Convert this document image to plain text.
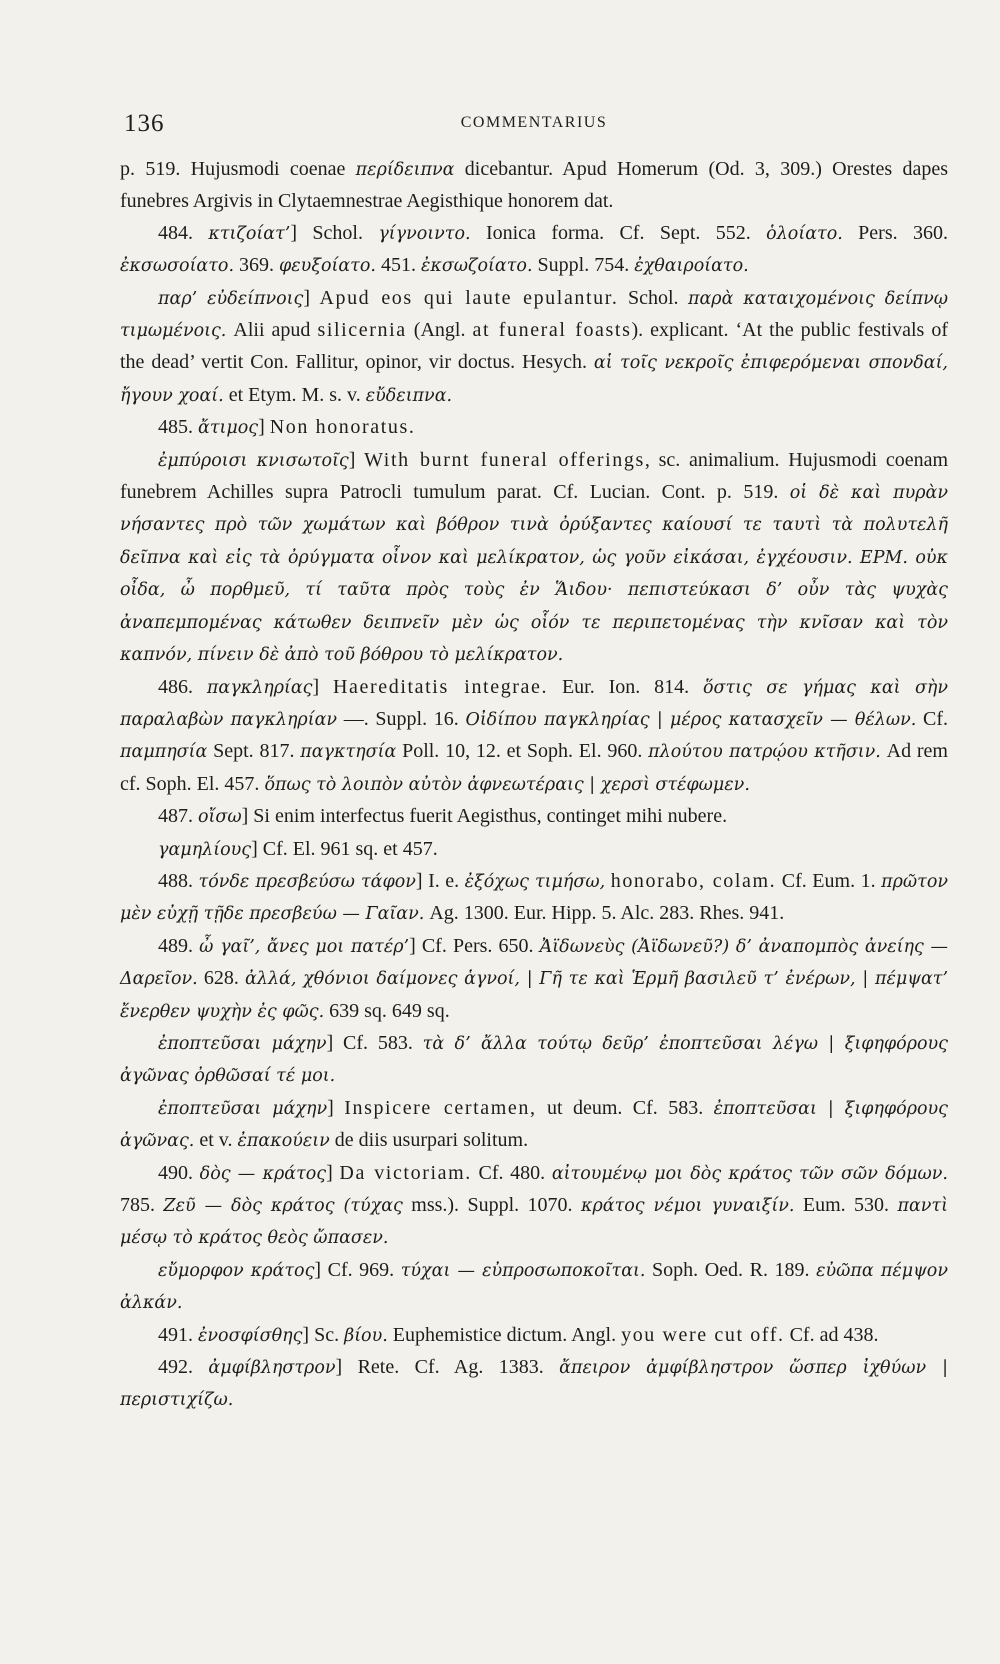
136	COMMENTARIUS

p. 519. Hujusmodi coenae περίδειπνα dicebantur. Apud Homerum (Od. 3, 309.) Orestes dapes funebres Argivis in Clytaemnestrae Aegisthique honorem dat.

484. κτιζοίατ’] Schol. γίγνοιντο. Ionica forma. Cf. Sept. 552. ὁλοίατο. Pers. 360. ἐκσωσοίατο. 369. φευξοίατο. 451. ἐκσωζοίατο. Suppl. 754. ἐχθαιροίατο.

παρ’ εὐδείπνοις] Apud eos qui laute epulantur. Schol. παρὰ καταιχομένοις δείπνῳ τιμωμένοις. Alii apud silicernia (Angl. at funeral foasts). explicant. ‘At the public festivals of the dead’ vertit Con. Fallitur, opinor, vir doctus. Hesych. αἱ τοῖς νεκροῖς ἐπιφερόμεναι σπονδαί, ἤγουν χοαί. et Etym. M. s. v. εὔδειπνα.

485. ἄτιμος] Non honoratus.

ἐμπύροισι κνισωτοῖς] With burnt funeral offerings, sc. animalium. Hujusmodi coenam funebrem Achilles supra Patrocli tumulum parat. Cf. Lucian. Cont. p. 519. οἱ δὲ καὶ πυρὰν νήσαντες πρὸ τῶν χωμάτων καὶ βόθρον τινὰ ὀρύξαντες καίουσί τε ταυτὶ τὰ πολυτελῆ δεῖπνα καὶ εἰς τὰ ὀρύγματα οἶνον καὶ μελίκρατον, ὡς γοῦν εἰκάσαι, ἐγχέουσιν. ΕΡΜ. οὐκ οἶδα, ὦ πορθμεῦ, τί ταῦτα πρὸς τοὺς ἐν Ἅιδου· πεπιστεύκασι δ’ οὖν τὰς ψυχὰς ἀναπεμπομένας κάτωθεν δειπνεῖν μὲν ὡς οἷόν τε περιπετομένας τὴν κνῖσαν καὶ τὸν καπνόν, πίνειν δὲ ἀπὸ τοῦ βόθρου τὸ μελίκρατον.

486. παγκληρίας] Haereditatis integrae. Eur. Ion. 814. ὅστις σε γήμας καὶ σὴν παραλαβὼν παγκληρίαν —. Suppl. 16. Οἰδίπου παγκληρίας | μέρος κατασχεῖν — θέλων. Cf. παμπησία Sept. 817. παγκτησία Poll. 10, 12. et Soph. El. 960. πλούτου πατρῴου κτῆσιν. Ad rem cf. Soph. El. 457. ὅπως τὸ λοιπὸν αὐτὸν ἀφνεωτέραις | χερσὶ στέφωμεν.

487. οἴσω] Si enim interfectus fuerit Aegisthus, continget mihi nubere.

γαμηλίους] Cf. El. 961 sq. et 457.

488. τόνδε πρεσβεύσω τάφον] I. e. ἐξόχως τιμήσω, honorabo, colam. Cf. Eum. 1. πρῶτον μὲν εὐχῇ τῇδε πρεσβεύω — Γαῖαν. Ag. 1300. Eur. Hipp. 5. Alc. 283. Rhes. 941.

489. ὦ γαῖ’, ἄνες μοι πατέρ’] Cf. Pers. 650. Ἀϊδωνεὺς (Ἀϊδωνεῦ?) δ’ ἀναπομπὸς ἀνείης — Δαρεῖον. 628. ἀλλά, χθόνιοι δαίμονες ἁγνοί, | Γῆ τε καὶ Ἑρμῆ βασιλεῦ τ’ ἐνέρων, | πέμψατ’ ἔνερθεν ψυχὴν ἐς φῶς. 639 sq. 649 sq.

ἐποπτεῦσαι μάχην] Cf. 583. τὰ δ’ ἄλλα τούτῳ δεῦρ’ ἐποπτεῦσαι λέγω | ξιφηφόρους ἀγῶνας ὀρθῶσαί τέ μοι.

ἐποπτεῦσαι μάχην] Inspicere certamen, ut deum. Cf. 583. ἐποπτεῦσαι | ξιφηφόρους ἀγῶνας. et v. ἐπακούειν de diis usurpari solitum.

490. δὸς — κράτος] Da victoriam. Cf. 480. αἰτουμένῳ μοι δὸς κράτος τῶν σῶν δόμων. 785. Ζεῦ — δὸς κράτος (τύχας mss.). Suppl. 1070. κράτος νέμοι γυναιξίν. Eum. 530. παντὶ μέσῳ τὸ κράτος θεὸς ὤπασεν.

εὔμορφον κράτος] Cf. 969. τύχαι — εὐπροσωποκοῖται. Soph. Oed. R. 189. εὐῶπα πέμψον ἀλκάν.

491. ἐνοσφίσθης] Sc. βίου. Euphemistice dictum. Angl. you were cut off. Cf. ad 438.

492. ἀμφίβληστρον] Rete. Cf. Ag. 1383. ἄπειρον ἀμφίβληστρον ὥσπερ ἰχθύων | περιστιχίζω.
